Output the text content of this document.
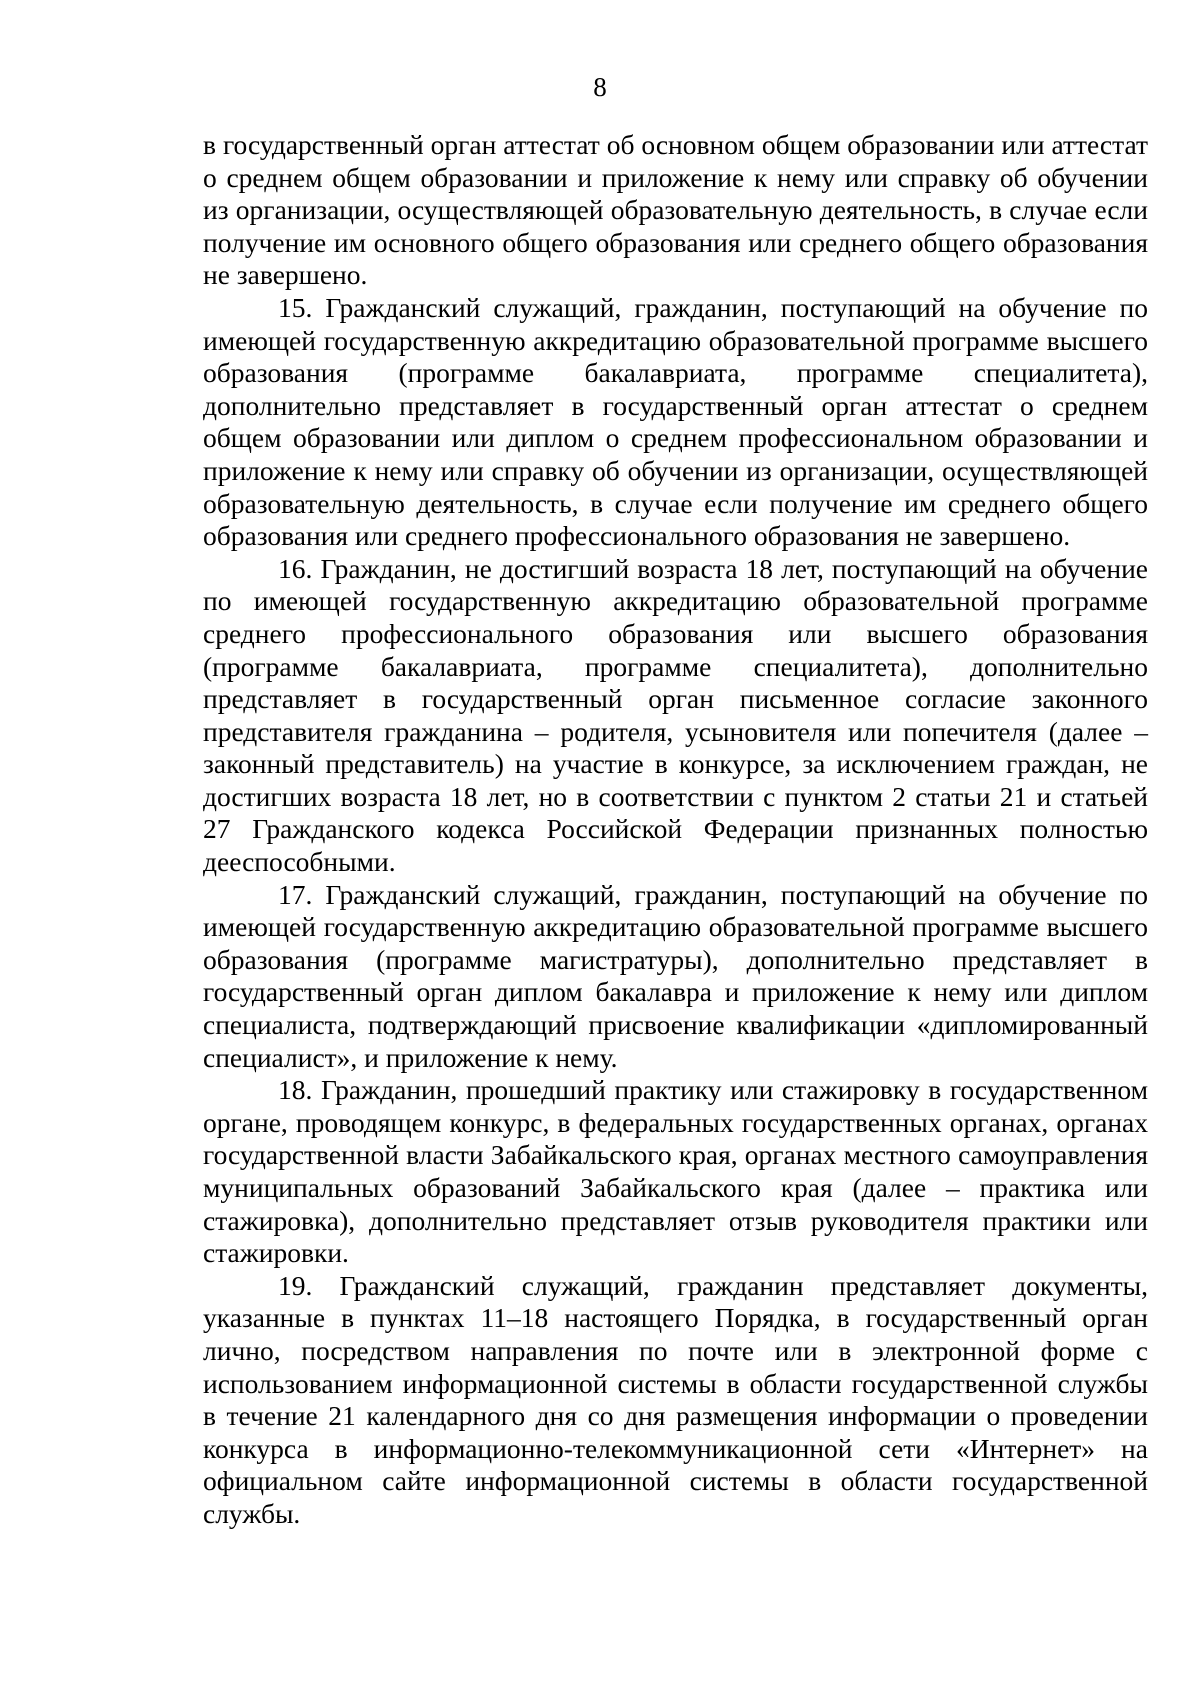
8

в государственный орган аттестат об основном общем образовании или аттестат о среднем общем образовании и приложение к нему или справку об обучении из организации, осуществляющей образовательную деятельность, в случае если получение им основного общего образования или среднего общего образования не завершено.

15. Гражданский служащий, гражданин, поступающий на обучение по имеющей государственную аккредитацию образовательной программе высшего образования (программе бакалавриата, программе специалитета), дополнительно представляет в государственный орган аттестат о среднем общем образовании или диплом о среднем профессиональном образовании и приложение к нему или справку об обучении из организации, осуществляющей образовательную деятельность, в случае если получение им среднего общего образования или среднего профессионального образования не завершено.

16. Гражданин, не достигший возраста 18 лет, поступающий на обучение по имеющей государственную аккредитацию образовательной программе среднего профессионального образования или высшего образования (программе бакалавриата, программе специалитета), дополнительно представляет в государственный орган письменное согласие законного представителя гражданина – родителя, усыновителя или попечителя (далее – законный представитель) на участие в конкурсе, за исключением граждан, не достигших возраста 18 лет, но в соответствии с пунктом 2 статьи 21 и статьей 27 Гражданского кодекса Российской Федерации признанных полностью дееспособными.

17. Гражданский служащий, гражданин, поступающий на обучение по имеющей государственную аккредитацию образовательной программе высшего образования (программе магистратуры), дополнительно представляет в государственный орган диплом бакалавра и приложение к нему или диплом специалиста, подтверждающий присвоение квалификации «дипломированный специалист», и приложение к нему.

18. Гражданин, прошедший практику или стажировку в государственном органе, проводящем конкурс, в федеральных государственных органах, органах государственной власти Забайкальского края, органах местного самоуправления муниципальных образований Забайкальского края (далее – практика или стажировка), дополнительно представляет отзыв руководителя практики или стажировки.

19. Гражданский служащий, гражданин представляет документы, указанные в пунктах 11–18 настоящего Порядка, в государственный орган лично, посредством направления по почте или в электронной форме с использованием информационной системы в области государственной службы в течение 21 календарного дня со дня размещения информации о проведении конкурса в информационно-телекоммуникационной сети «Интернет» на официальном сайте информационной системы в области государственной службы.
